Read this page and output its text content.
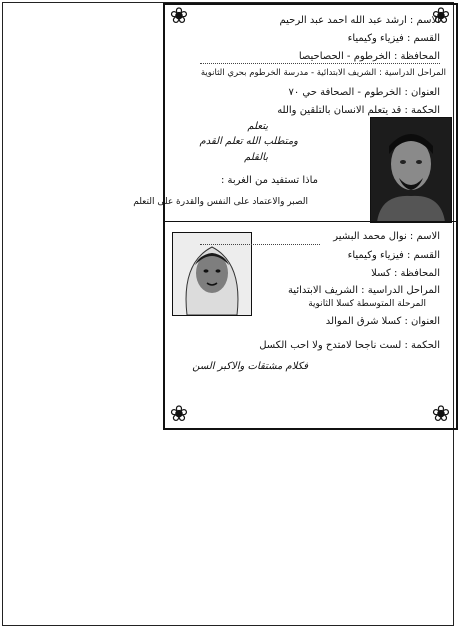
❀	❀
❀	❀
الاسم : ارشد عبد الله احمد عبد الرحيم
القسم : فيزياء وكيمياء
المحافظة : الخرطوم - الحصاحيصا
المراحل الدراسية : الشريف الابتدائية - مدرسة الخرطوم بحري الثانوية
العنوان : الخرطوم - الصحافة حي ٧٠
الحكمة : قد يتعلم الانسان بالتلقين والله
يتعلم
ومتطلب الله تعلم القدم
بالقلم
ماذا تستفيد من الغربة :
الصبر والاعتماد على النفس والقدرة على التعلم
الاسم : نوال محمد البشير
القسم : فيزياء وكيمياء
المحافظة : كسلا
المراحل الدراسية : الشريف الابتدائية
المرحلة المتوسطة كسلا الثانوية
العنوان : كسلا شرق الموالد
الحكمة : لست ناجحا لامتدح ولا احب الكسل
فكلام مشتقات والاكبر السن
